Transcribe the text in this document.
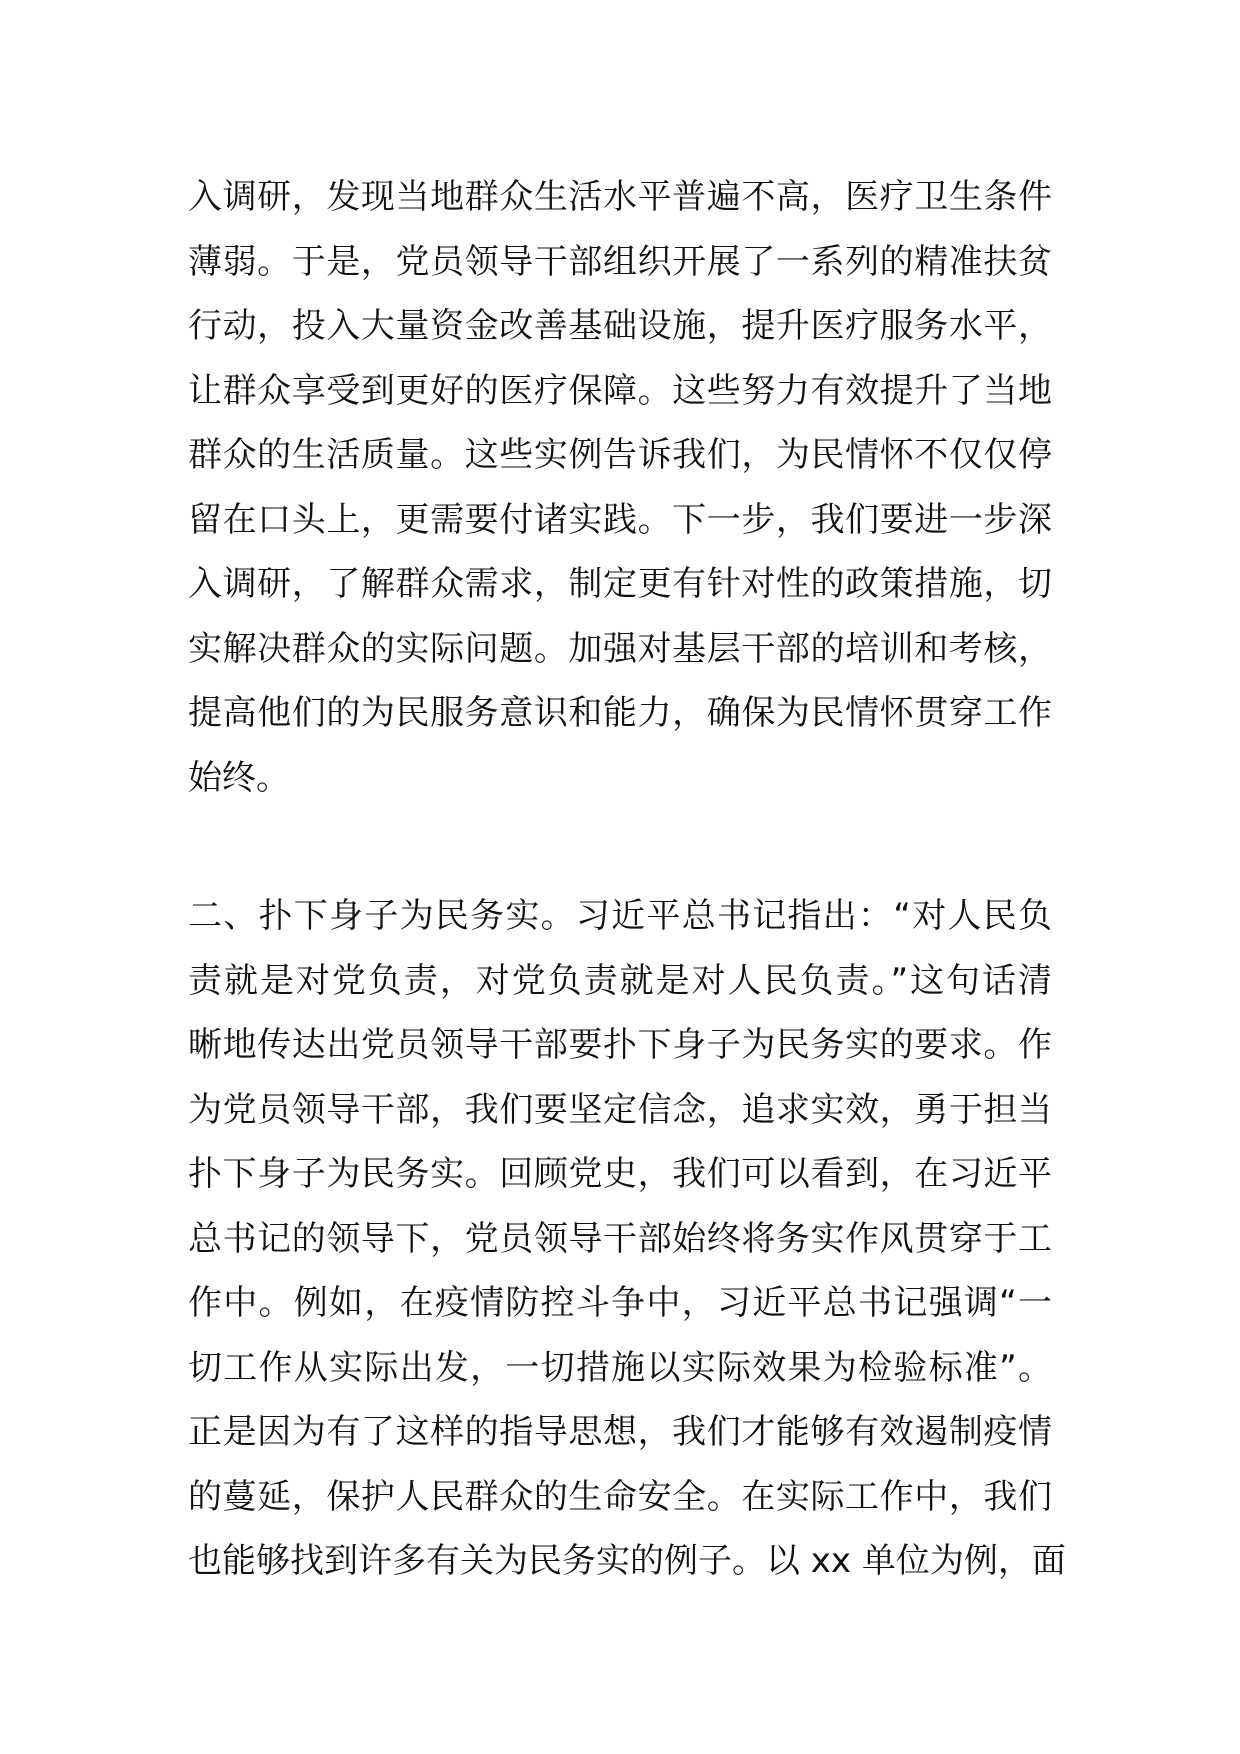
入调研，发现当地群众生活水平普遍不高，医疗卫生条件
薄弱。于是，党员领导干部组织开展了一系列的精准扶贫
行动，投入大量资金改善基础设施，提升医疗服务水平，
让群众享受到更好的医疗保障。这些努力有效提升了当地
群众的生活质量。这些实例告诉我们，为民情怀不仅仅停
留在口头上，更需要付诸实践。下一步，我们要进一步深
入调研，了解群众需求，制定更有针对性的政策措施，切
实解决群众的实际问题。加强对基层干部的培训和考核，
提高他们的为民服务意识和能力，确保为民情怀贯穿工作
始终。
二、扑下身子为民务实。习近平总书记指出：“对人民负
责就是对党负责，对党负责就是对人民负责。”这句话清
晰地传达出党员领导干部要扑下身子为民务实的要求。作
为党员领导干部，我们要坚定信念，追求实效，勇于担当
扑下身子为民务实。回顾党史，我们可以看到，在习近平
总书记的领导下，党员领导干部始终将务实作风贯穿于工
作中。例如，在疫情防控斗争中，习近平总书记强调“一
切工作从实际出发，一切措施以实际效果为检验标准”。
正是因为有了这样的指导思想，我们才能够有效遏制疫情
的蔓延，保护人民群众的生命安全。在实际工作中，我们
也能够找到许多有关为民务实的例子。以 xx 单位为例，面
